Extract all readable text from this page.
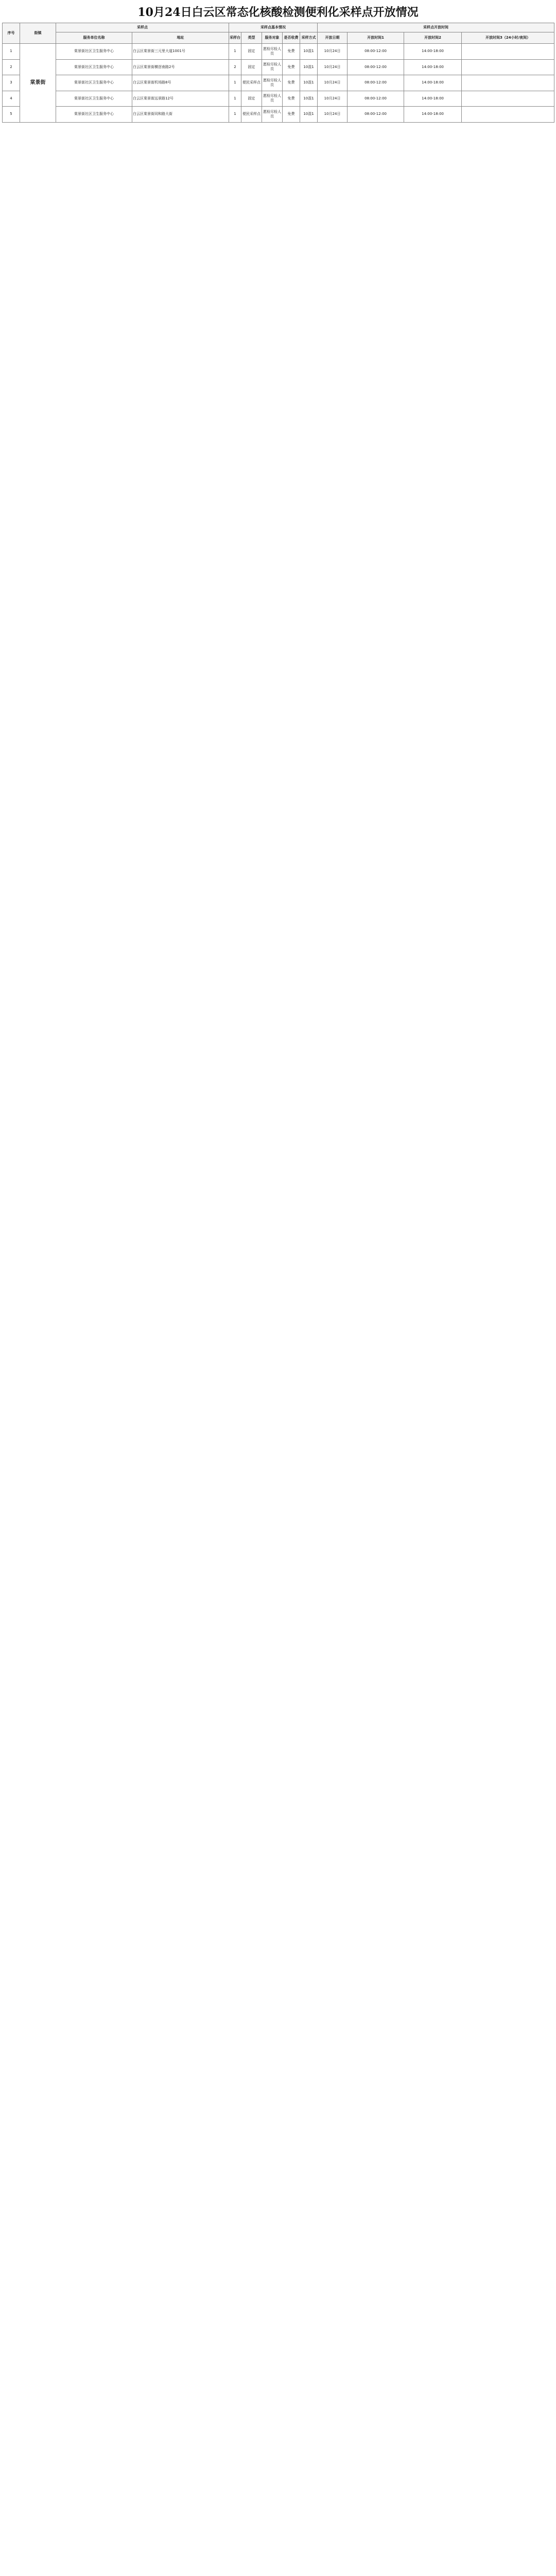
10月24日白云区常态化核酸检测便利化采样点开放情况
序号	街镇	采样点		采样点基本情况					采样点开放时间			
		服务单位名称	地址	采样台	类型	服务对象	是否收费	采样方式	开放日期	开放时间1	开放时间2	开放时间3（24小时/夜间）
1	棠景街	棠景街社区卫生服务中心	白云区棠景街三元里大道1001号	1	固定	愿检尽检人员	免费	10混1	10月24日	08:00-12:00	14:00-18:00	
2		棠景街社区卫生服务中心	白云区棠景街横滘南路2号	2	固定	愿检尽检人员	免费	10混1	10月24日	08:00-12:00	14:00-18:00	
3		棠景街社区卫生服务中心	白云区棠景街机场路8号	1	便民采样点	愿检尽检人员	免费	10混1	10月24日	08:00-12:00	14:00-18:00	
4		棠景街社区卫生服务中心	白云区棠景街远景路12号	1	固定	愿检尽检人员	免费	10混1	10月24日	08:00-12:00	14:00-18:00	
5		棠景街社区卫生服务中心	白云区棠景街同和路大街	1	便民采样点	愿检尽检人员	免费	10混1	10月24日	08:00-12:00	14:00-18:00	
